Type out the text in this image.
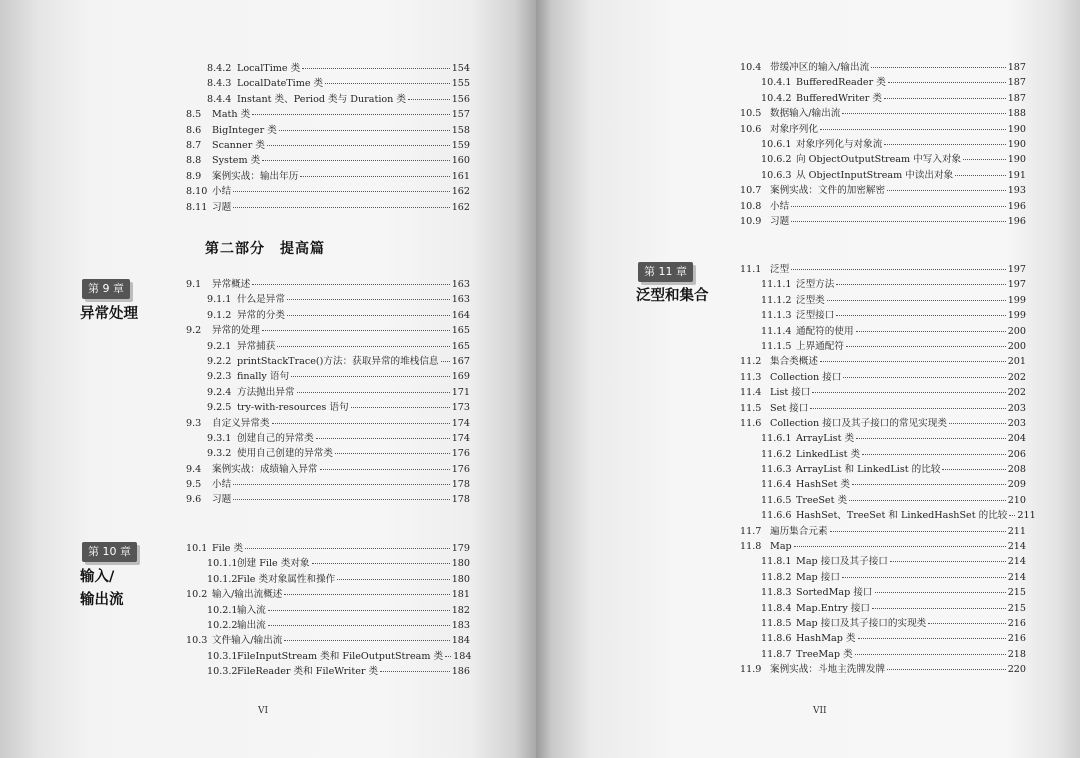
8.4.2 LocalTime 类	154
8.4.3 LocalDateTime 类	155
8.4.4 Instant 类、Period 类与 Duration 类	156
8.5	Math 类	157
8.6	BigInteger 类	158
8.7	Scanner 类	159
8.8	System 类	160
8.9	案例实战：输出年历	161
8.10 小结	162
8.11 习题	162
第二部分　提高篇
第 9 章
异常处理
9.1	异常概述	163
9.1.1 什么是异常	163
9.1.2 异常的分类	164
9.2	异常的处理	165
9.2.1 异常捕获	165
9.2.2 printStackTrace()方法：获取异常的堆栈信息 167
9.2.3 finally 语句	169
9.2.4 方法抛出异常	171
9.2.5 try-with-resources 语句	173
9.3	自定义异常类	174
9.3.1 创建自己的异常类	174
9.3.2 使用自己创建的异常类	176
9.4	案例实战：成绩输入异常	176
9.5	小结	178
9.6	习题	178
第 10 章
输入/
输出流
10.1 File 类	179
10.1.1 创建 File 类对象	180
10.1.2 File 类对象属性和操作	180
10.2 输入/输出流概述	181
10.2.1 输入流	182
10.2.2 输出流	183
10.3 文件输入/输出流	184
10.3.1 FileInputStream 类和 FileOutputStream 类 184
10.3.2 FileReader 类和 FileWriter 类	186
VI
10.4 带缓冲区的输入/输出流	187
10.4.1 BufferedReader 类	187
10.4.2 BufferedWriter 类	187
10.5 数据输入/输出流	188
10.6 对象序列化	190
10.6.1 对象序列化与对象流	190
10.6.2 向 ObjectOutputStream 中写入对象	190
10.6.3 从 ObjectInputStream 中读出对象	191
10.7 案例实战：文件的加密解密	193
10.8 小结	196
10.9 习题	196
第 11 章
泛型和集合
11.1 泛型	197
11.1.1 泛型方法	197
11.1.2 泛型类	199
11.1.3 泛型接口	199
11.1.4 通配符的使用	200
11.1.5 上界通配符	200
11.2 集合类概述	201
11.3 Collection 接口	202
11.4 List 接口	202
11.5 Set 接口	203
11.6 Collection 接口及其子接口的常见实现类	203
11.6.1 ArrayList 类	204
11.6.2 LinkedList 类	206
11.6.3 ArrayList 和 LinkedList 的比较	208
11.6.4 HashSet 类	209
11.6.5 TreeSet 类	210
11.6.6 HashSet、TreeSet 和 LinkedHashSet 的比较 211
11.7 遍历集合元素	211
11.8 Map	214
11.8.1 Map 接口及其子接口	214
11.8.2 Map 接口	214
11.8.3 SortedMap 接口	215
11.8.4 Map.Entry 接口	215
11.8.5 Map 接口及其子接口的实现类	216
11.8.6 HashMap 类	216
11.8.7 TreeMap 类	218
11.9 案例实战：斗地主洗牌发牌	220
VII
